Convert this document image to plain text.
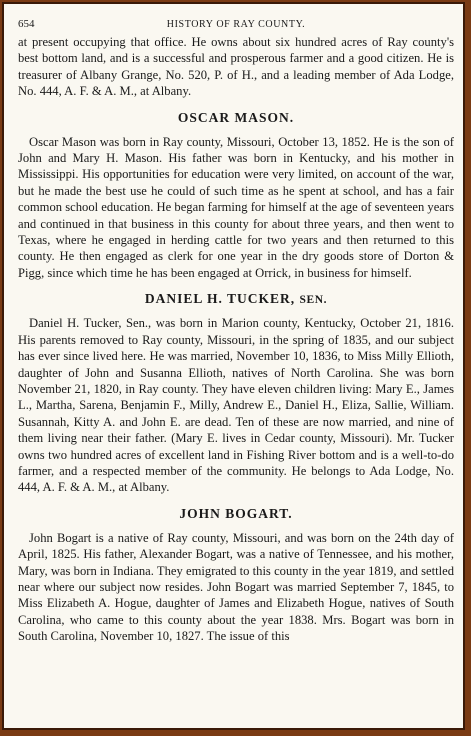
654	HISTORY OF RAY COUNTY.

at present occupying that office. He owns about six hundred acres of Ray county's best bottom land, and is a successful and prosperous farmer and a good citizen. He is treasurer of Albany Grange, No. 520, P. of H., and a leading member of Ada Lodge, No. 444, A. F. & A. M., at Albany.

OSCAR MASON.

Oscar Mason was born in Ray county, Missouri, October 13, 1852. He is the son of John and Mary H. Mason. His father was born in Kentucky, and his mother in Mississippi. His opportunities for education were very limited, on account of the war, but he made the best use he could of such time as he spent at school, and has a fair common school education. He began farming for himself at the age of seventeen years and continued in that business in this county for about three years, and then went to Texas, where he engaged in herding cattle for two years and then returned to this county. He then engaged as clerk for one year in the dry goods store of Dorton & Pigg, since which time he has been engaged at Orrick, in business for himself.

DANIEL H. TUCKER, SEN.

Daniel H. Tucker, Sen., was born in Marion county, Kentucky, October 21, 1816. His parents removed to Ray county, Missouri, in the spring of 1835, and our subject has ever since lived here. He was married, November 10, 1836, to Miss Milly Ellioth, daughter of John and Susanna Ellioth, natives of North Carolina. She was born November 21, 1820, in Ray county. They have eleven children living: Mary E., James L., Martha, Sarena, Benjamin F., Milly, Andrew E., Daniel H., Eliza, Sallie, William. Susannah, Kitty A. and John E. are dead. Ten of these are now married, and nine of them living near their father. (Mary E. lives in Cedar county, Missouri). Mr. Tucker owns two hundred acres of excellent land in Fishing River bottom and is a well-to-do farmer, and a respected member of the community. He belongs to Ada Lodge, No. 444, A. F. & A. M., at Albany.

JOHN BOGART.

John Bogart is a native of Ray county, Missouri, and was born on the 24th day of April, 1825. His father, Alexander Bogart, was a native of Tennessee, and his mother, Mary, was born in Indiana. They emigrated to this county in the year 1819, and settled near where our subject now resides. John Bogart was married September 7, 1845, to Miss Elizabeth A. Hogue, daughter of James and Elizabeth Hogue, natives of South Carolina, who came to this county about the year 1838. Mrs. Bogart was born in South Carolina, November 10, 1827. The issue of this
